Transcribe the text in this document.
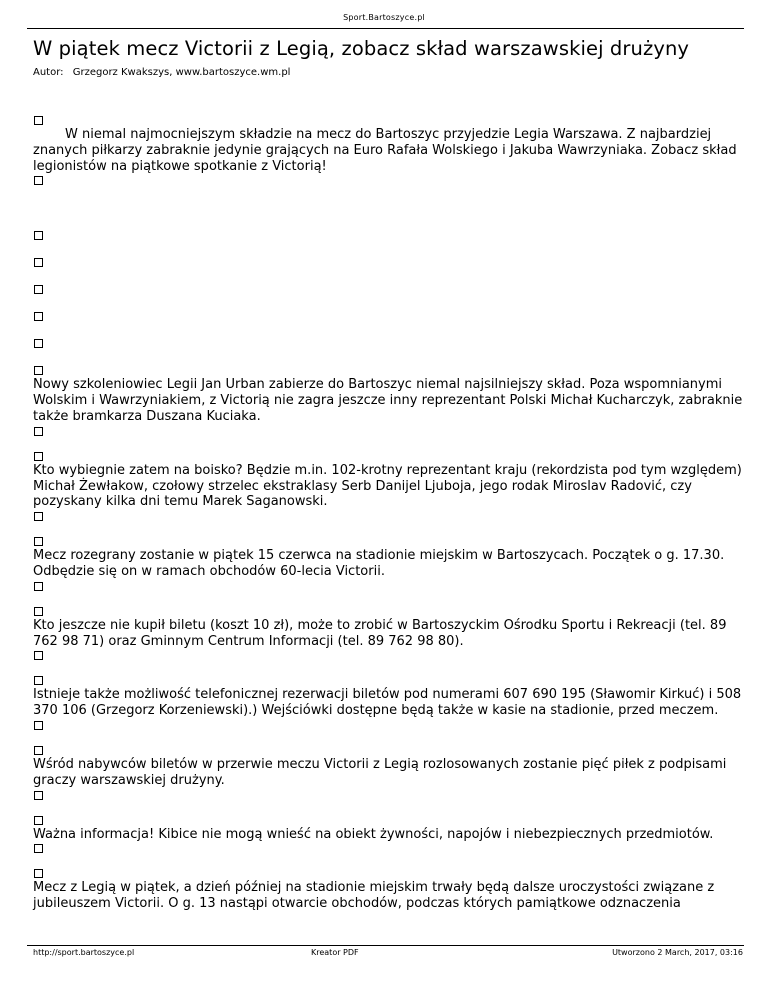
Sport.Bartoszyce.pl
W piątek mecz Victorii z Legią, zobacz skład warszawskiej drużyny
Autor: Grzegorz Kwakszys, www.bartoszyce.wm.pl

W niemal najmocniejszym składzie na mecz do Bartoszyc przyjedzie Legia Warszawa. Z najbardziej znanych piłkarzy zabraknie jedynie grających na Euro Rafała Wolskiego i Jakuba Wawrzyniaka. Zobacz skład legionistów na piątkowe spotkanie z Victorią!

Nowy szkoleniowiec Legii Jan Urban zabierze do Bartoszyc niemal najsilniejszy skład. Poza wspomnianymi Wolskim i Wawrzyniakiem, z Victorią nie zagra jeszcze inny reprezentant Polski Michał Kucharczyk, zabraknie także bramkarza Duszana Kuciaka.

Kto wybiegnie zatem na boisko? Będzie m.in. 102-krotny reprezentant kraju (rekordzista pod tym względem) Michał Żewłakow, czołowy strzelec ekstraklasy Serb Danijel Ljuboja, jego rodak Miroslav Radović, czy pozyskany kilka dni temu Marek Saganowski.

Mecz rozegrany zostanie w piątek 15 czerwca na stadionie miejskim w Bartoszycach. Początek o g. 17.30. Odbędzie się on w ramach obchodów 60-lecia Victorii.

Kto jeszcze nie kupił biletu (koszt 10 zł), może to zrobić w Bartoszyckim Ośrodku Sportu i Rekreacji (tel. 89 762 98 71) oraz Gminnym Centrum Informacji (tel. 89 762 98 80).

Istnieje także możliwość telefonicznej rezerwacji biletów pod numerami 607 690 195 (Sławomir Kirkuć) i 508 370 106 (Grzegorz Korzeniewski).) Wejściówki dostępne będą także w kasie na stadionie, przed meczem.

Wśród nabywców biletów w przerwie meczu Victorii z Legią rozlosowanych zostanie pięć piłek z podpisami graczy warszawskiej drużyny.

Ważna informacja! Kibice nie mogą wnieść na obiekt żywności, napojów i niebezpiecznych przedmiotów.

Mecz z Legią w piątek, a dzień później na stadionie miejskim trwały będą dalsze uroczystości związane z jubileuszem Victorii. O g. 13 nastąpi otwarcie obchodów, podczas których pamiątkowe odznaczenia

http://sport.bartoszyce.pl	Kreator PDF	Utworzono 2 March, 2017, 03:16
